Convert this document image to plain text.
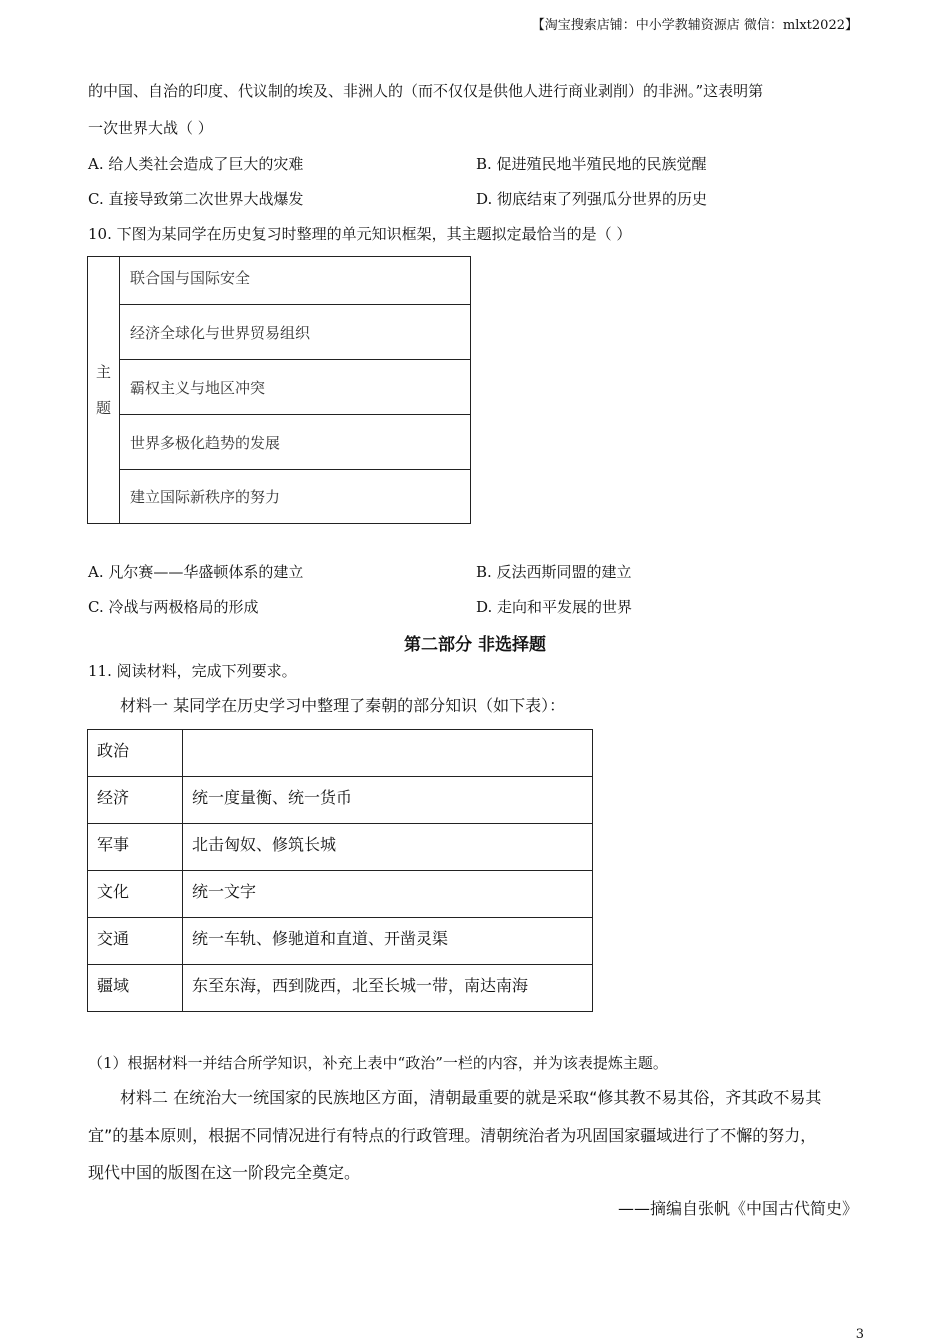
【淘宝搜索店铺：中小学教辅资源店 微信：mlxt2022】
的中国、自治的印度、代议制的埃及、非洲人的（而不仅仅是供他人进行商业剥削）的非洲。”这表明第
一次世界大战（ ）
A. 给人类社会造成了巨大的灾难	B. 促进殖民地半殖民地的民族觉醒
C. 直接导致第二次世界大战爆发	D. 彻底结束了列强瓜分世界的历史
10. 下图为某同学在历史复习时整理的单元知识框架，其主题拟定最恰当的是（ ）
主
题	联合国与国际安全
经济全球化与世界贸易组织
霸权主义与地区冲突
世界多极化趋势的发展
建立国际新秩序的努力
A. 凡尔赛——华盛顿体系的建立	B. 反法西斯同盟的建立
C. 冷战与两极格局的形成	D. 走向和平发展的世界
第二部分 非选择题
11. 阅读材料，完成下列要求。
材料一 某同学在历史学习中整理了秦朝的部分知识（如下表）：
政治	
经济	统一度量衡、统一货币
军事	北击匈奴、修筑长城
文化	统一文字
交通	统一车轨、修驰道和直道、开凿灵渠
疆域	东至东海，西到陇西，北至长城一带，南达南海
（1）根据材料一并结合所学知识，补充上表中“政治”一栏的内容，并为该表提炼主题。
材料二 在统治大一统国家的民族地区方面，清朝最重要的就是采取“修其教不易其俗，齐其政不易其
宜”的基本原则，根据不同情况进行有特点的行政管理。清朝统治者为巩固国家疆域进行了不懈的努力，
现代中国的版图在这一阶段完全奠定。
——摘编自张帆《中国古代简史》
3
